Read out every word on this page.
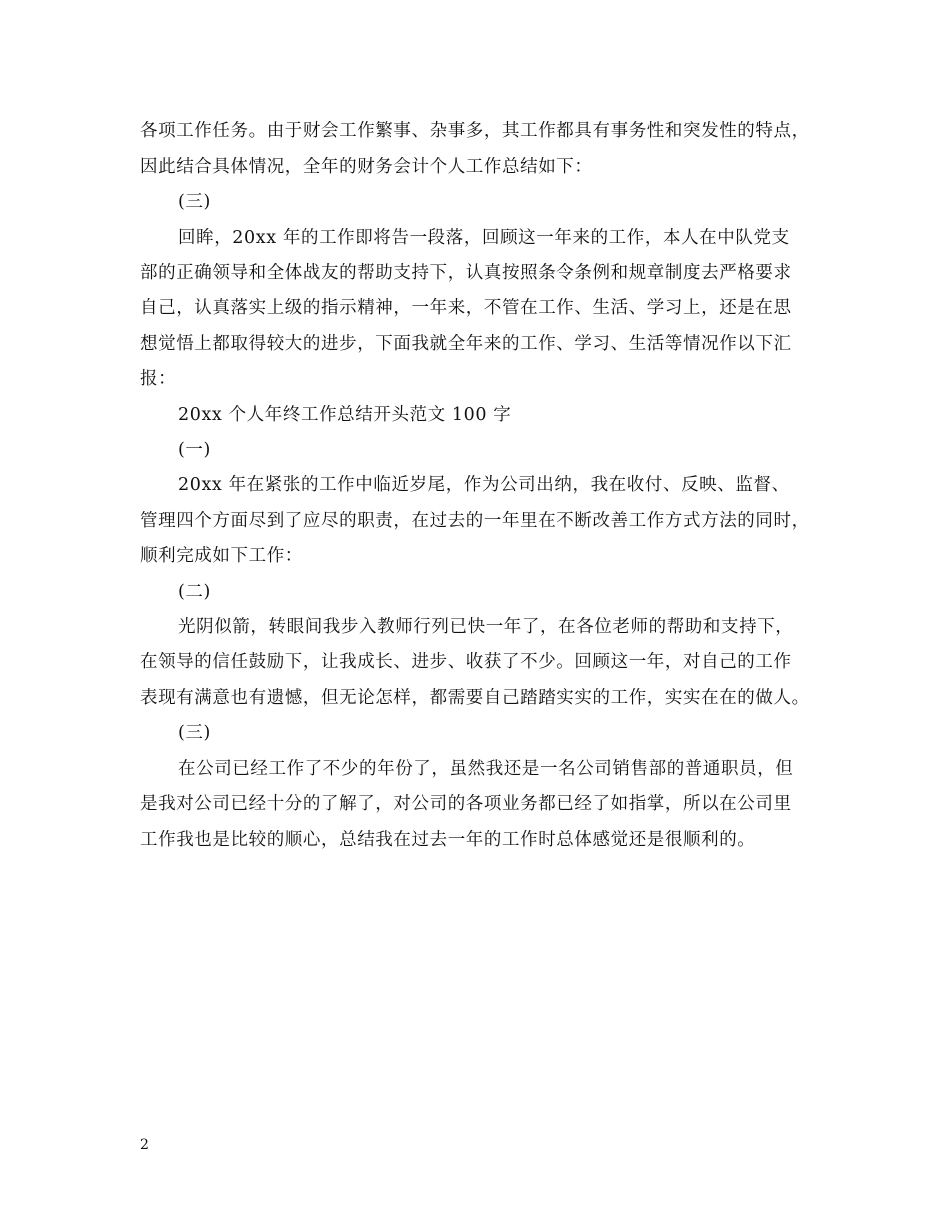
各项工作任务。由于财会工作繁事、杂事多，其工作都具有事务性和突发性的特点，
因此结合具体情况，全年的财务会计个人工作总结如下：
(三)
回眸，20xx 年的工作即将告一段落，回顾这一年来的工作，本人在中队党支
部的正确领导和全体战友的帮助支持下，认真按照条令条例和规章制度去严格要求
自己，认真落实上级的指示精神，一年来，不管在工作、生活、学习上，还是在思
想觉悟上都取得较大的进步，下面我就全年来的工作、学习、生活等情况作以下汇
报：
20xx 个人年终工作总结开头范文 100 字
(一)
20xx 年在紧张的工作中临近岁尾，作为公司出纳，我在收付、反映、监督、
管理四个方面尽到了应尽的职责，在过去的一年里在不断改善工作方式方法的同时，
顺利完成如下工作：
(二)
光阴似箭，转眼间我步入教师行列已快一年了，在各位老师的帮助和支持下，
在领导的信任鼓励下，让我成长、进步、收获了不少。回顾这一年，对自己的工作
表现有满意也有遗憾，但无论怎样，都需要自己踏踏实实的工作，实实在在的做人。
(三)
在公司已经工作了不少的年份了，虽然我还是一名公司销售部的普通职员，但
是我对公司已经十分的了解了，对公司的各项业务都已经了如指掌，所以在公司里
工作我也是比较的顺心，总结我在过去一年的工作时总体感觉还是很顺利的。
2
